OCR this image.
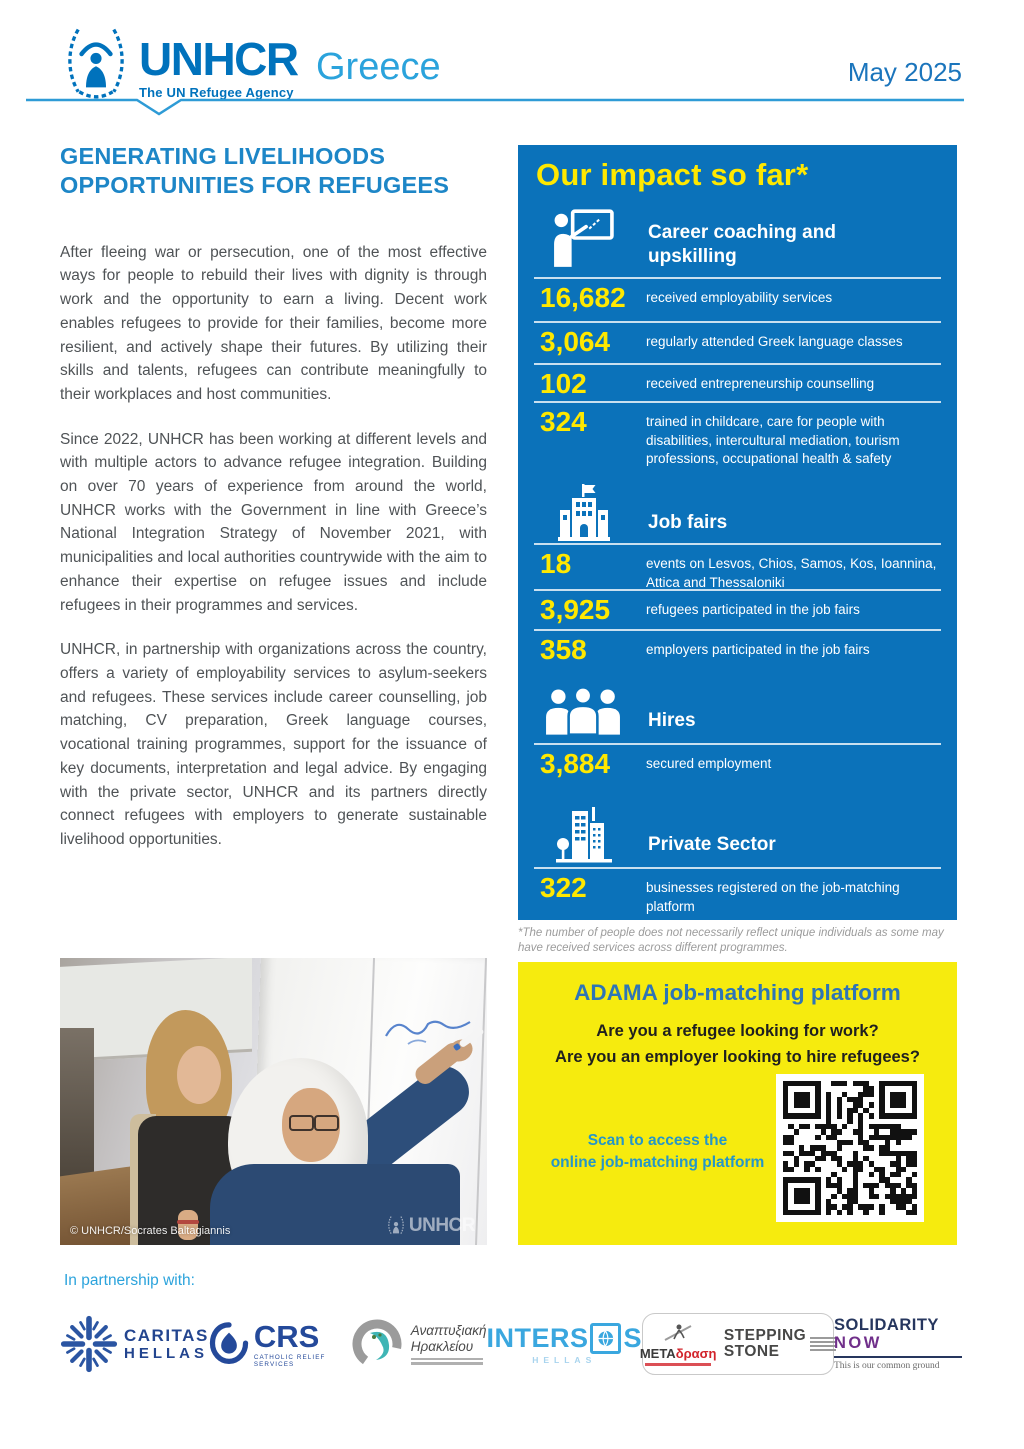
UNHCR
The UN Refugee Agency
Greece	May 2025
GENERATING LIVELIHOODS
OPPORTUNITIES FOR REFUGEES

After fleeing war or persecution, one of the most effective ways for people to rebuild their lives with dignity is through work and the opportunity to earn a living. Decent work enables refugees to provide for their families, become more resilient, and actively shape their futures. By utilizing their skills and talents, refugees can contribute meaningfully to their workplaces and host communities.

Since 2022, UNHCR has been working at different levels and with multiple actors to advance refugee integration. Building on over 70 years of experience from around the world, UNHCR works with the Government in line with Greece’s National Integration Strategy of November 2021, with municipalities and local authorities countrywide with the aim to enhance their expertise on refugee issues and include refugees in their programmes and services.

UNHCR, in partnership with organizations across the country, offers a variety of employability services to asylum-seekers and refugees. These services include career counselling, job matching, CV preparation, Greek language courses, vocational training programmes, support for the issuance of key documents, interpretation and legal advice. By engaging with the private sector, UNHCR and its partners directly connect refugees with employers to generate sustainable livelihood opportunities.

Our impact so far*
Career coaching and upskilling
16,682	received employability services
3,064	regularly attended Greek language classes
102	received entrepreneurship counselling
324	trained in childcare, care for people with disabilities, intercultural mediation, tourism professions, occupational health & safety
Job fairs
18	events on Lesvos, Chios, Samos, Kos, Ioannina, Attica and Thessaloniki
3,925	refugees participated in the job fairs
358	employers participated in the job fairs
Hires
3,884	secured employment
Private Sector
322	businesses registered on the job-matching platform
*The number of people does not necessarily reflect unique individuals as some may have received services across different programmes.
ADAMA job-matching platform
Are you a refugee looking for work?
Are you an employer looking to hire refugees?
Scan to access the
online job-matching platform
© UNHCR/Socrates Baltagiannis	UNHCR
In partnership with:
CARITAS
HELLAS
CRS
CATHOLIC RELIEF SERVICES
Αναπτυξιακή
Ηρακλείου INTERS S
HELLAS	METAδραση
STEPPING
STONE
SOLIDARITY
NOW
This is our common ground
